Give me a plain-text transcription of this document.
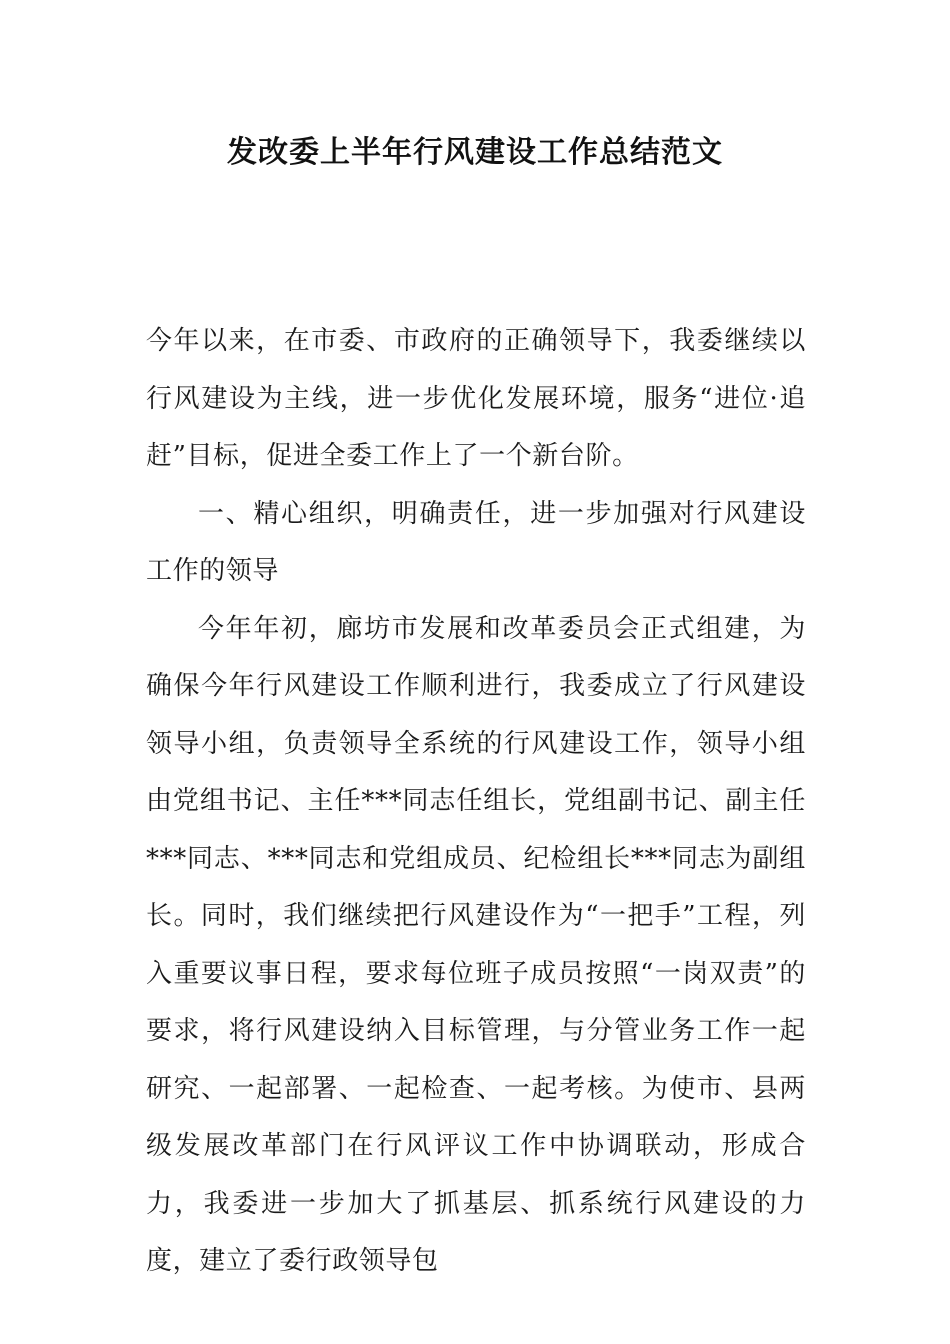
发改委上半年行风建设工作总结范文

今年以来，在市委、市政府的正确领导下，我委继续以行风建设为主线，进一步优化发展环境，服务“进位·追赶”目标，促进全委工作上了一个新台阶。

一、精心组织，明确责任，进一步加强对行风建设工作的领导

今年年初，廊坊市发展和改革委员会正式组建，为确保今年行风建设工作顺利进行，我委成立了行风建设领导小组，负责领导全系统的行风建设工作，领导小组由党组书记、主任***同志任组长，党组副书记、副主任***同志、***同志和党组成员、纪检组长***同志为副组长。同时，我们继续把行风建设作为“一把手”工程，列入重要议事日程，要求每位班子成员按照“一岗双责”的要求，将行风建设纳入目标管理，与分管业务工作一起研究、一起部署、一起检查、一起考核。为使市、县两级发展改革部门在行风评议工作中协调联动，形成合力，我委进一步加大了抓基层、抓系统行风建设的力度，建立了委行政领导包
